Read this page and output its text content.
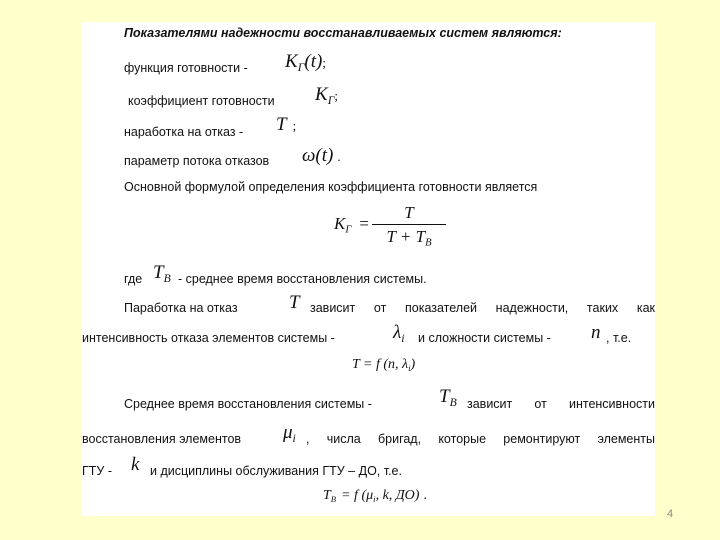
Показателями надежности восстанавливаемых систем являются:
функция готовности - $K_Г(t)$;
коэффициент готовности $K_Г$;
наработка на отказ - T ;
параметр потока отказов ω(t) .
Основной формулой определения коэффициента готовности является
$K_Г$ =
T
$T + T_B$
где $T_B$ - среднее время восстановления системы.
Паработка на отказ	T зависит от показателей надежности, таких как
интенсивность отказа элементов системы -	$\lambda_i$ и сложности системы - n , т.е.
T = f (n, $\lambda_i$)
Среднее время восстановления системы -	$T_B$ зависит от интенсивности
восстановления элементов $\mu_i$ , числа бригад, которые ремонтируют элементы
ГТУ - k и дисциплины обслуживания ГТУ – ДО, т.е.
$T_B = f$ ($\mu_i$, k, ДО) .
4
